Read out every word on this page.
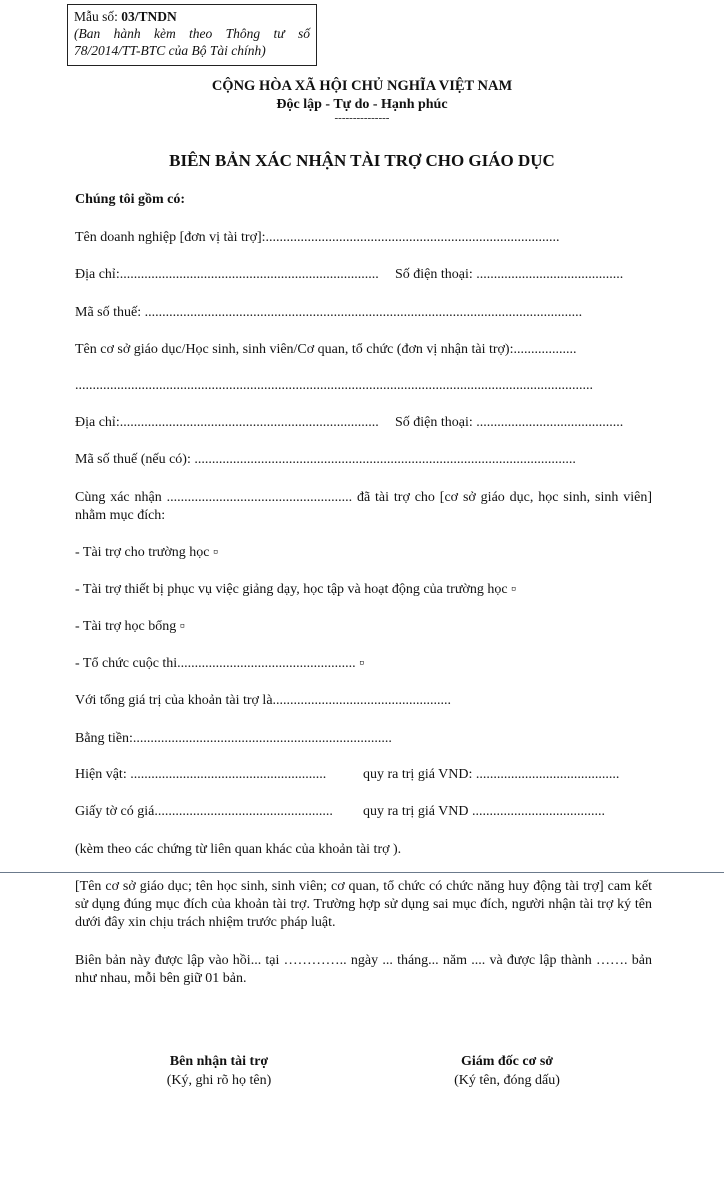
Mẫu số: 03/TNDN
(Ban hành kèm theo Thông tư số 78/2014/TT-BTC của Bộ Tài chính)
CỘNG HÒA XÃ HỘI CHỦ NGHĨA VIỆT NAM
Độc lập - Tự do - Hạnh phúc
---------------
BIÊN BẢN XÁC NHẬN TÀI TRỢ CHO GIÁO DỤC
Chúng tôi gồm có:
Tên doanh nghiệp [đơn vị tài trợ]:....................................................................................
Địa chỉ:.......................................................................... Số điện thoại: ..........................................
Mã số thuế: .............................................................................................................................
Tên cơ sở giáo dục/Học sinh, sinh viên/Cơ quan, tổ chức (đơn vị nhận tài trợ):..................
....................................................................................................................................................
Địa chỉ:.......................................................................... Số điện thoại: ..........................................
Mã số thuế (nếu có): .............................................................................................................
Cùng xác nhận ..................................................... đã tài trợ cho [cơ sở giáo dục, học sinh, sinh viên] nhằm mục đích:
- Tài trợ cho trường học ▫
- Tài trợ thiết bị phục vụ việc giảng dạy, học tập và hoạt động của trường học ▫
- Tài trợ học bổng ▫
- Tổ chức cuộc thi................................................... ▫
Với tổng giá trị của khoản tài trợ là...................................................
Bằng tiền:..........................................................................
Hiện vật: ........................................................	quy ra trị giá VND: .........................................
Giấy tờ có giá................................................... quy ra trị giá VND ......................................
(kèm theo các chứng từ liên quan khác của khoản tài trợ ).
[Tên cơ sở giáo dục; tên học sinh, sinh viên; cơ quan, tổ chức có chức năng huy động tài trợ] cam kết sử dụng đúng mục đích của khoản tài trợ. Trường hợp sử dụng sai mục đích, người nhận tài trợ ký tên dưới đây xin chịu trách nhiệm trước pháp luật.
Biên bản này được lập vào hồi... tại ………….. ngày ... tháng... năm .... và được lập thành ……. bản như nhau, mỗi bên giữ 01 bản.
Bên nhận tài trợ
(Ký, ghi rõ họ tên)
Giám đốc cơ sở
(Ký tên, đóng dấu)
